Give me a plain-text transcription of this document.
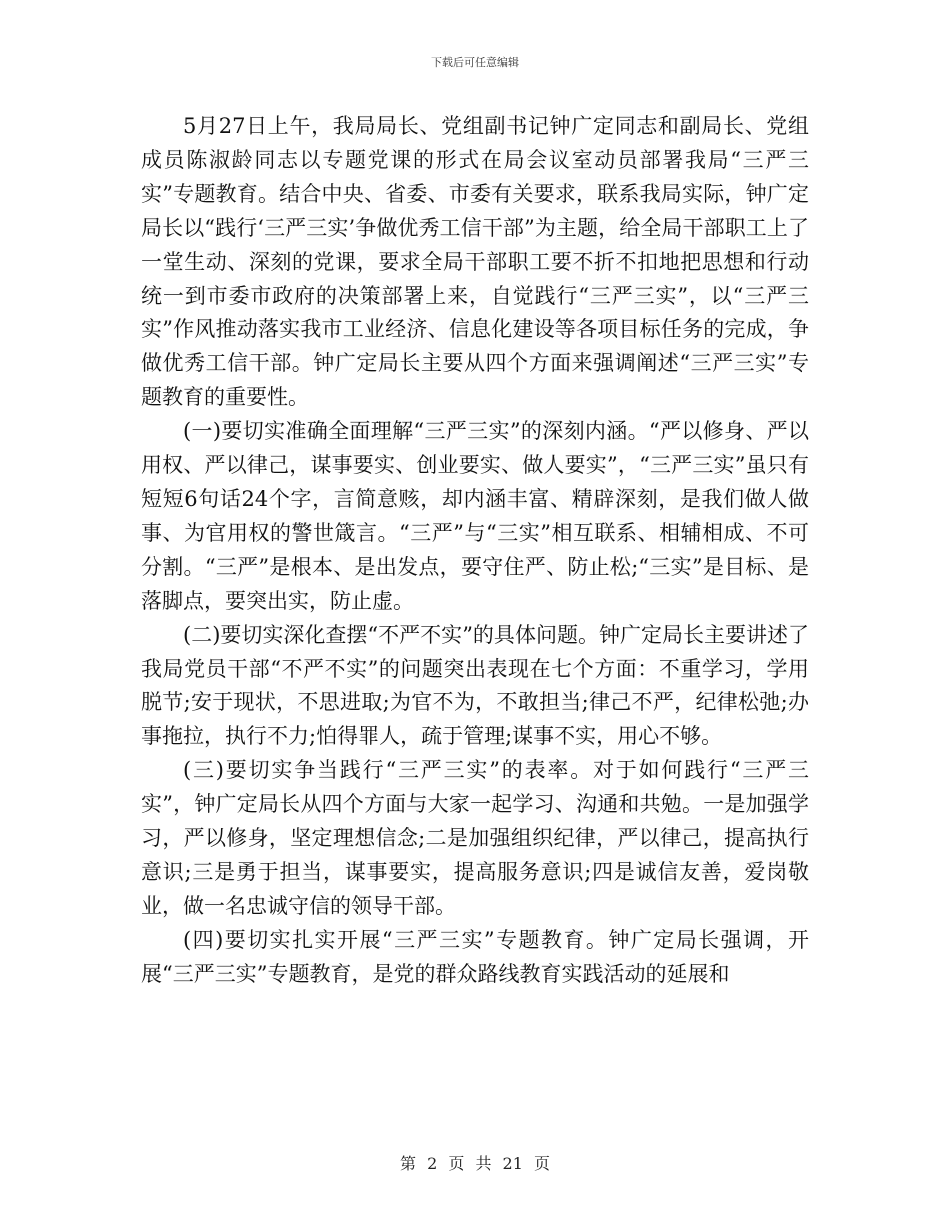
下载后可任意编辑

5月27日上午，我局局长、党组副书记钟广定同志和副局长、党组成员陈淑龄同志以专题党课的形式在局会议室动员部署我局“三严三实”专题教育。结合中央、省委、市委有关要求，联系我局实际，钟广定局长以“践行‘三严三实’争做优秀工信干部”为主题，给全局干部职工上了一堂生动、深刻的党课，要求全局干部职工要不折不扣地把思想和行动统一到市委市政府的决策部署上来，自觉践行“三严三实”，以“三严三实”作风推动落实我市工业经济、信息化建设等各项目标任务的完成，争做优秀工信干部。钟广定局长主要从四个方面来强调阐述“三严三实”专题教育的重要性。

(一)要切实准确全面理解“三严三实”的深刻内涵。“严以修身、严以用权、严以律己，谋事要实、创业要实、做人要实”，“三严三实”虽只有短短6句话24个字，言简意赅，却内涵丰富、精辟深刻，是我们做人做事、为官用权的警世箴言。“三严”与“三实”相互联系、相辅相成、不可分割。“三严”是根本、是出发点，要守住严、防止松;“三实”是目标、是落脚点，要突出实，防止虚。

(二)要切实深化查摆“不严不实”的具体问题。钟广定局长主要讲述了我局党员干部“不严不实”的问题突出表现在七个方面：不重学习，学用脱节;安于现状，不思进取;为官不为，不敢担当;律己不严，纪律松弛;办事拖拉，执行不力;怕得罪人，疏于管理;谋事不实，用心不够。

(三)要切实争当践行“三严三实”的表率。对于如何践行“三严三实”，钟广定局长从四个方面与大家一起学习、沟通和共勉。一是加强学习，严以修身，坚定理想信念;二是加强组织纪律，严以律己，提高执行意识;三是勇于担当，谋事要实，提高服务意识;四是诚信友善，爱岗敬业，做一名忠诚守信的领导干部。

(四)要切实扎实开展“三严三实”专题教育。钟广定局长强调，开展“三严三实”专题教育，是党的群众路线教育实践活动的延展和

第 2 页 共 21 页
